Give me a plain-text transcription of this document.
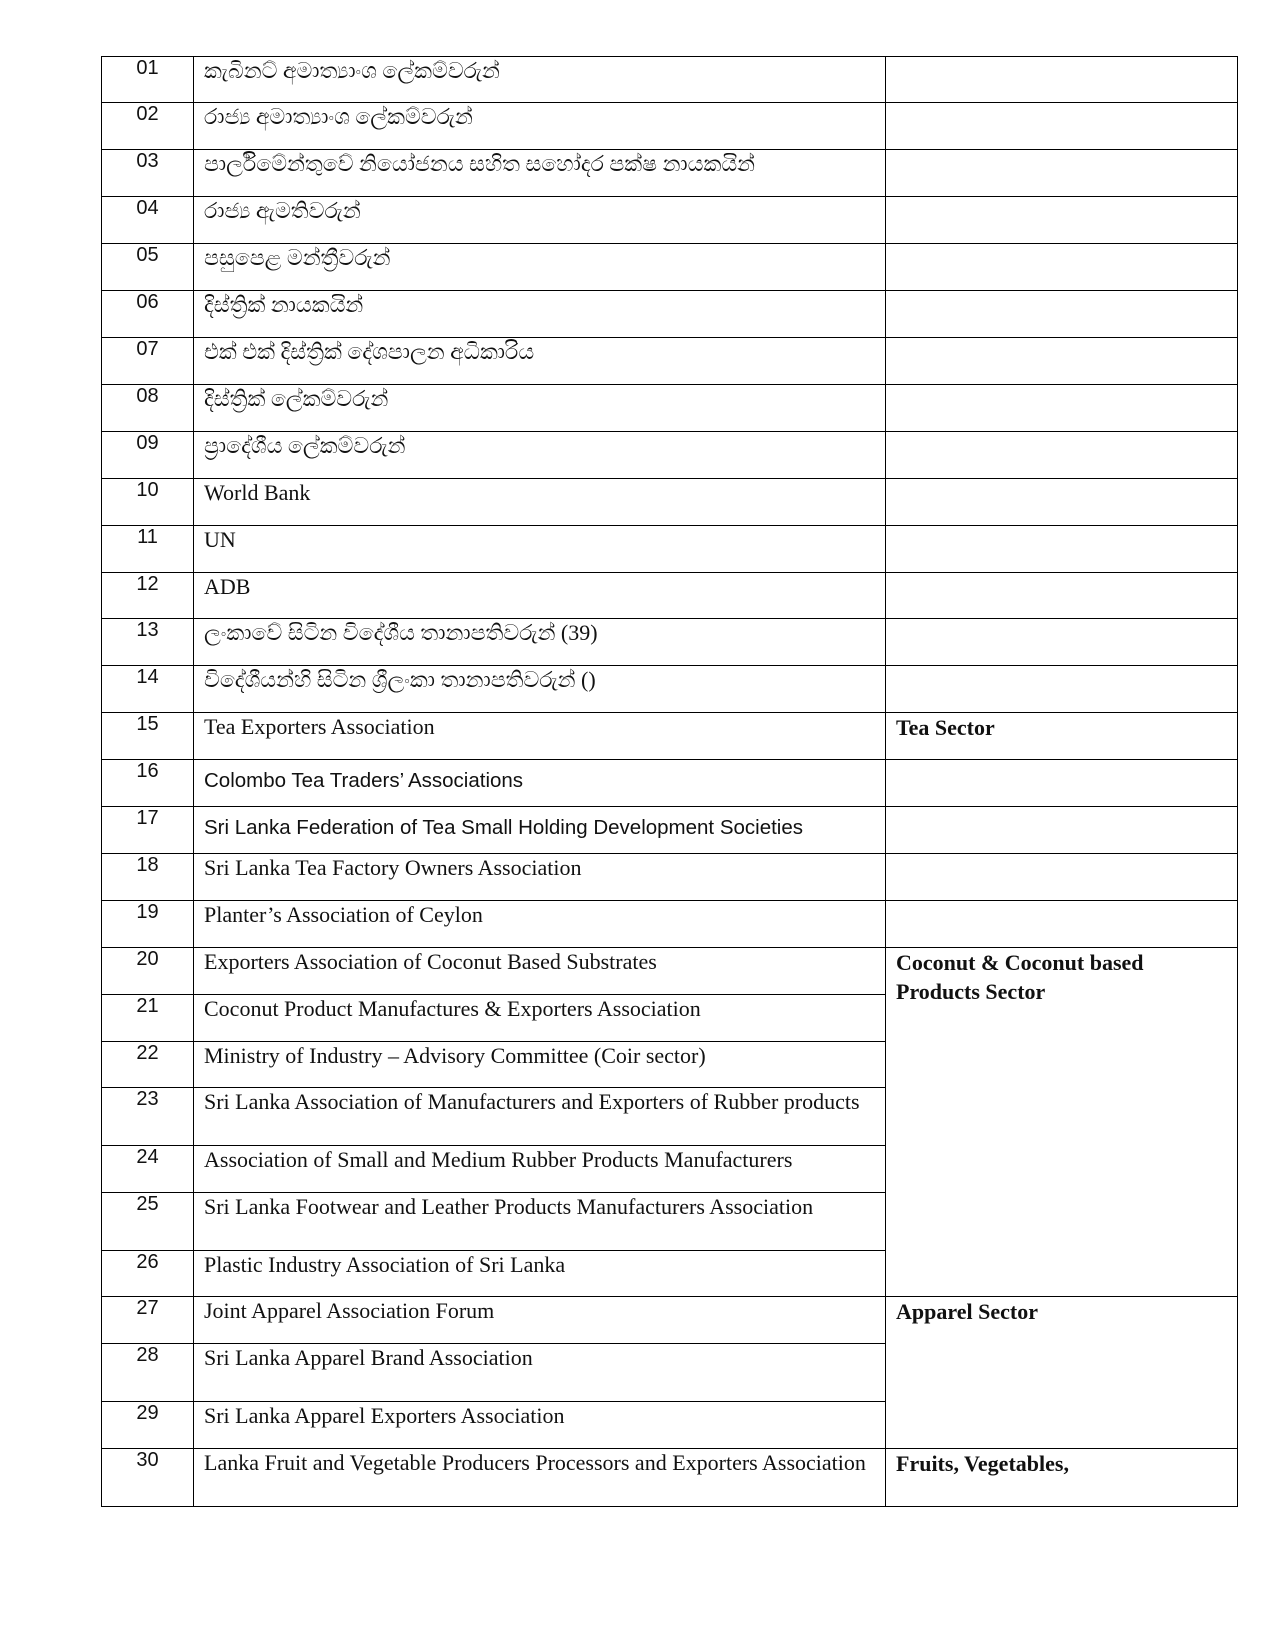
01	කැබිනට් අමාත්‍යාංශ ලේකම්වරුන්	
02	රාජ්‍ය අමාත්‍යාංශ ලේකම්වරුන්	
03	පාර්ලිමේන්තුවේ නියෝජනය සහිත සහෝදර පක්ෂ නායකයින්	
04	රාජ්‍ය ඇමතිවරුන්	
05	පසුපෙළ මන්ත්‍රීවරුන්	
06	දිස්ත්‍රික් නායකයින්	
07	එක් එක් දිස්ත්‍රික් දේශපාලන අධිකාරිය	
08	දිස්ත්‍රික් ලේකම්වරුන්	
09	ප්‍රාදේශීය ලේකම්වරුන්	
10	World Bank	
11	UN	
12	ADB	
13	ලංකාවේ සිටින විදේශීය තානාපතිවරුන් (39)	
14	විදේශීයන්හි සිටින ශ්‍රීලංකා තානාපතිවරුන් ()	
15	Tea Exporters Association	Tea Sector
16	Colombo Tea Traders’ Associations	
17	Sri Lanka Federation of Tea Small Holding Development Societies	
18	Sri Lanka Tea Factory Owners Association	
19	Planter’s Association of Ceylon	
20	Exporters Association of Coconut Based Substrates	Coconut & Coconut based Products Sector
21	Coconut Product Manufactures & Exporters Association	
22	Ministry of Industry – Advisory Committee (Coir sector)	
23	Sri Lanka Association of Manufacturers and Exporters of Rubber products	
24	Association of Small and Medium Rubber Products Manufacturers	
25	Sri Lanka Footwear and Leather Products Manufacturers Association	
26	Plastic Industry Association of Sri Lanka	
27	Joint Apparel Association Forum	Apparel Sector
28	Sri Lanka Apparel Brand Association	
29	Sri Lanka Apparel Exporters Association	
30	Lanka Fruit and Vegetable Producers Processors and Exporters Association	Fruits, Vegetables,
